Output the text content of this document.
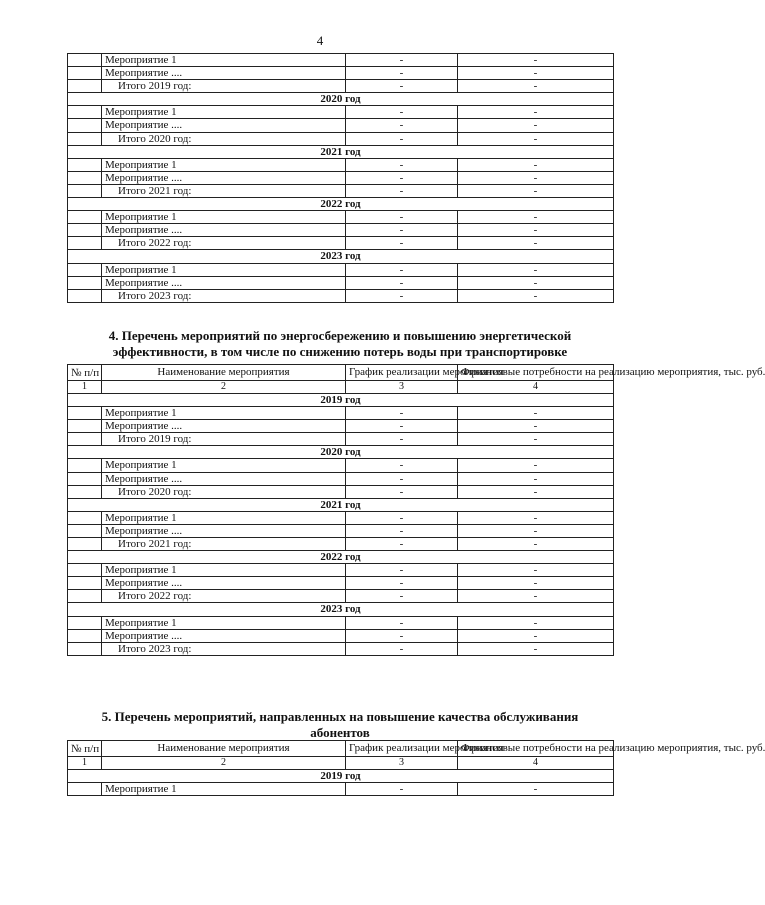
4
	Мероприятие 1	-	-
	Мероприятие ....	-	-
	Итого 2019 год:	-	-
2020 год			
	Мероприятие 1	-	-
	Мероприятие ....	-	-
	Итого 2020 год:	-	-
2021 год			
	Мероприятие 1	-	-
	Мероприятие ....	-	-
	Итого 2021 год:	-	-
2022 год			
	Мероприятие 1	-	-
	Мероприятие ....	-	-
	Итого 2022 год:	-	-
2023 год			
	Мероприятие 1	-	-
	Мероприятие ....	-	-
	Итого 2023 год:	-	-
4. Перечень мероприятий по энергосбережению и повышению энергетической
эффективности, в том числе по снижению потерь воды при транспортировке
№ п/п	Наименование мероприятия	График реализации мероприятия	Финансовые потребности на реализацию мероприятия, тыс. руб.
1	2	3	4
2019 год			
	Мероприятие 1	-	-
	Мероприятие ....	-	-
	Итого 2019 год:	-	-
2020 год			
	Мероприятие 1	-	-
	Мероприятие ....	-	-
	Итого 2020 год:	-	-
2021 год			
	Мероприятие 1	-	-
	Мероприятие ....	-	-
	Итого 2021 год:	-	-
2022 год			
	Мероприятие 1	-	-
	Мероприятие ....	-	-
	Итого 2022 год:	-	-
2023 год			
	Мероприятие 1	-	-
	Мероприятие ....	-	-
	Итого 2023 год:	-	-
5. Перечень мероприятий, направленных на повышение качества обслуживания
абонентов
№ п/п	Наименование мероприятия	График реализации мероприятия	Финансовые потребности на реализацию мероприятия, тыс. руб.
1	2	3	4
2019 год			
	Мероприятие 1	-	-
